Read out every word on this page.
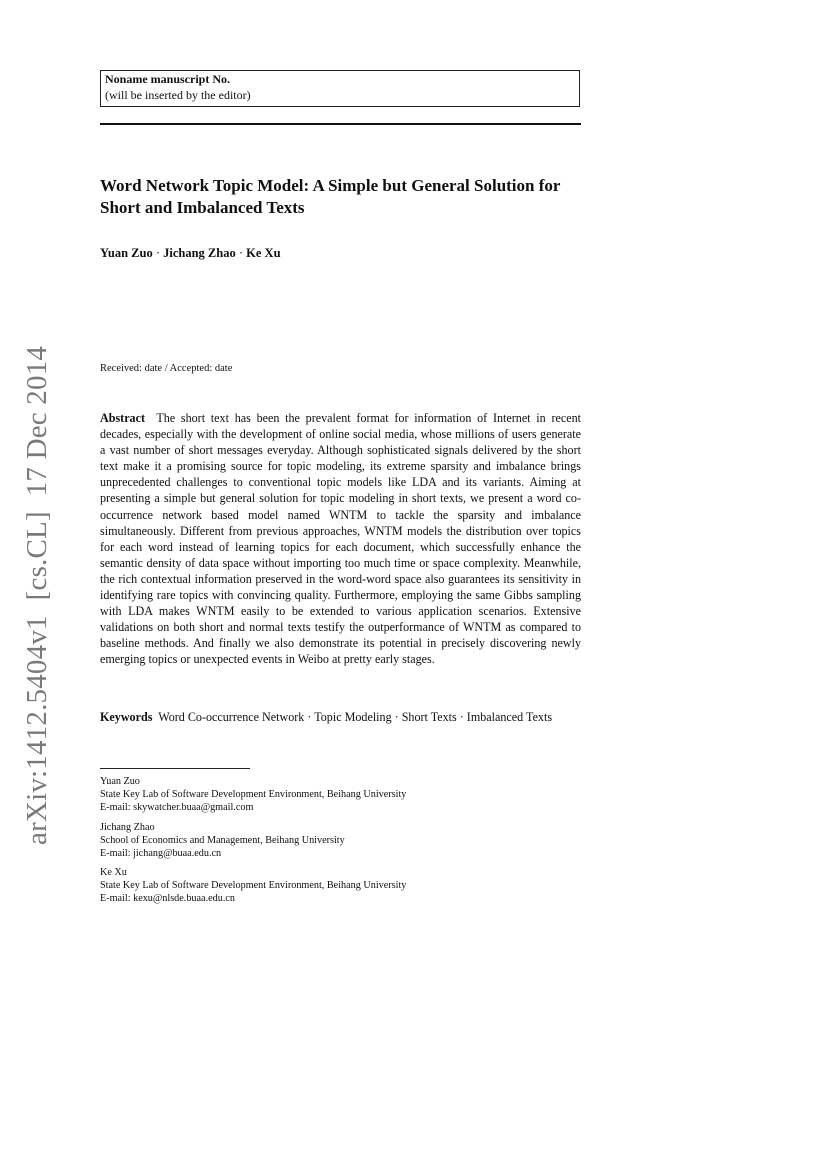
arXiv:1412.5404v1  [cs.CL]  17 Dec 2014
Noname manuscript No.
(will be inserted by the editor)
Word Network Topic Model: A Simple but General Solution for Short and Imbalanced Texts
Yuan Zuo · Jichang Zhao · Ke Xu
Received: date / Accepted: date
Abstract The short text has been the prevalent format for information of Internet in recent decades, especially with the development of online social media, whose millions of users generate a vast number of short messages everyday. Although sophisticated signals delivered by the short text make it a promising source for topic modeling, its extreme sparsity and imbalance brings unprecedented challenges to conventional topic models like LDA and its variants. Aiming at presenting a simple but general solution for topic modeling in short texts, we present a word co-occurrence network based model named WNTM to tackle the sparsity and imbalance simultaneously. Different from previous approaches, WNTM models the distribution over topics for each word instead of learning topics for each document, which successfully enhance the semantic density of data space without importing too much time or space complexity. Meanwhile, the rich contextual information preserved in the word-word space also guarantees its sensitivity in identifying rare topics with convincing quality. Furthermore, employing the same Gibbs sampling with LDA makes WNTM easily to be extended to various application scenarios. Extensive validations on both short and normal texts testify the outperformance of WNTM as compared to baseline methods. And finally we also demonstrate its potential in precisely discovering newly emerging topics or unexpected events in Weibo at pretty early stages.
Keywords Word Co-occurrence Network · Topic Modeling · Short Texts · Imbalanced Texts
Yuan Zuo
State Key Lab of Software Development Environment, Beihang University
E-mail: skywatcher.buaa@gmail.com
Jichang Zhao
School of Economics and Management, Beihang University
E-mail: jichang@buaa.edu.cn
Ke Xu
State Key Lab of Software Development Environment, Beihang University
E-mail: kexu@nlsde.buaa.edu.cn
